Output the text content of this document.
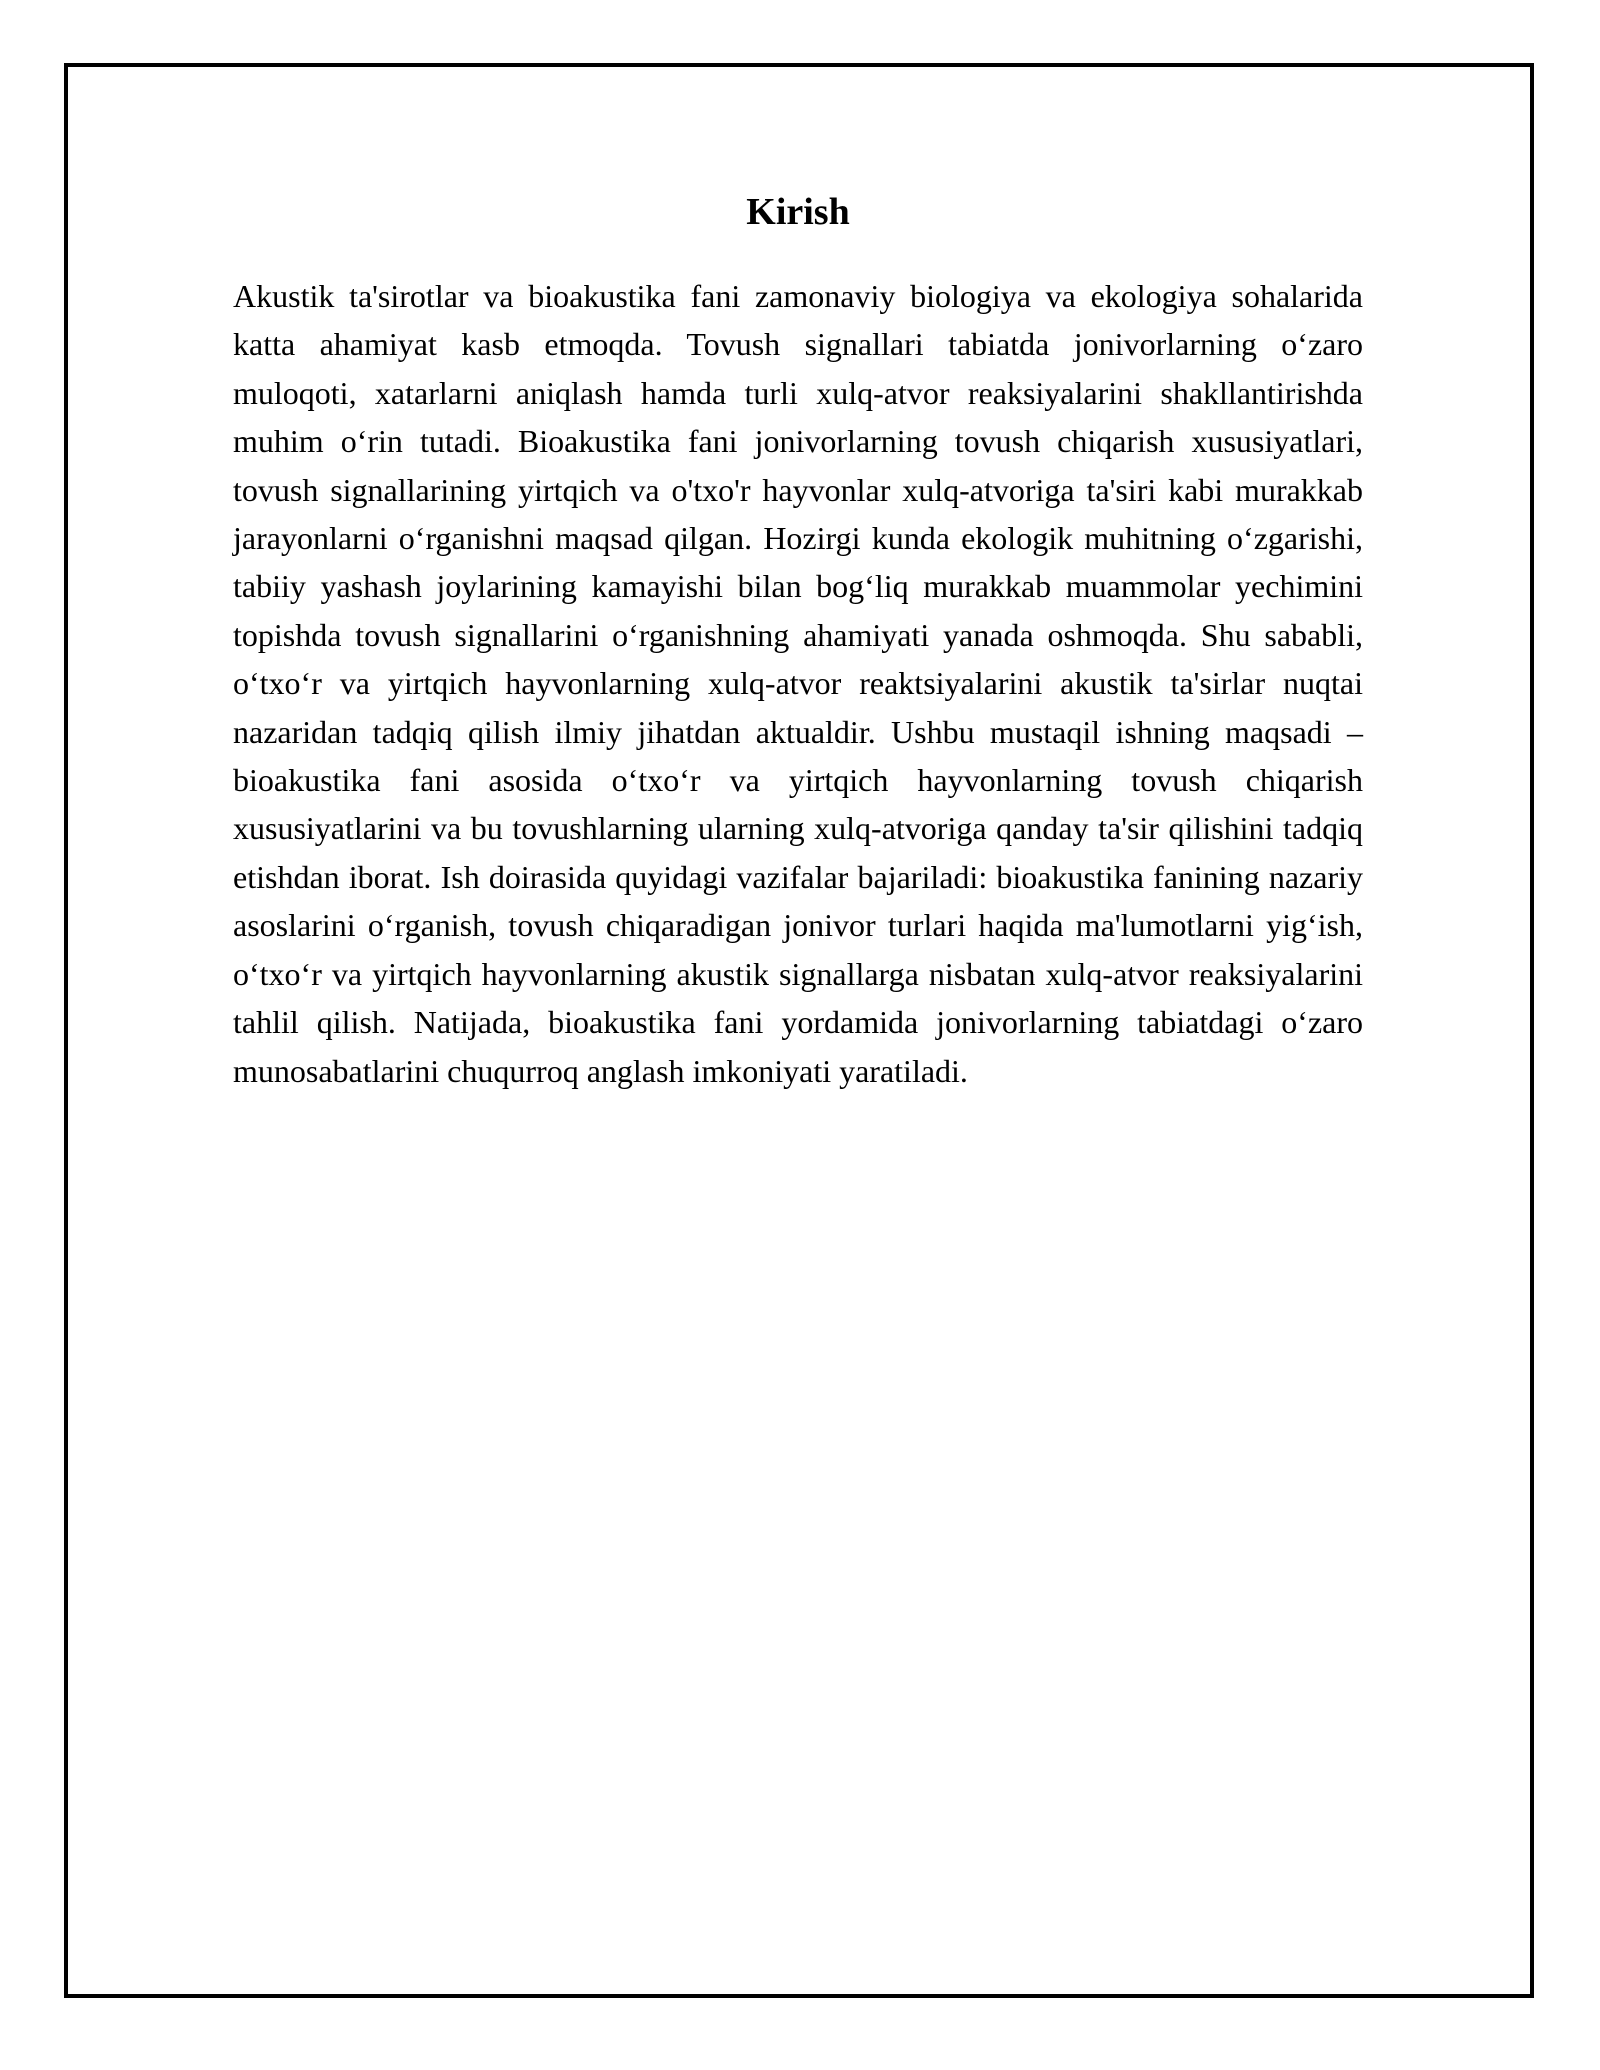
Kirish

Akustik ta'sirotlar va bioakustika fani zamonaviy biologiya va ekologiya sohalarida katta ahamiyat kasb etmoqda. Tovush signallari tabiatda jonivorlarning o‘zaro muloqoti, xatarlarni aniqlash hamda turli xulq-atvor reaksiyalarini shakllantirishda muhim o‘rin tutadi. Bioakustika fani jonivorlarning tovush chiqarish xususiyatlari, tovush signallarining yirtqich va o'txo'r hayvonlar xulq-atvoriga ta'siri kabi murakkab jarayonlarni o‘rganishni maqsad qilgan. Hozirgi kunda ekologik muhitning o‘zgarishi, tabiiy yashash joylarining kamayishi bilan bog‘liq murakkab muammolar yechimini topishda tovush signallarini o‘rganishning ahamiyati yanada oshmoqda. Shu sababli, o‘txo‘r va yirtqich hayvonlarning xulq-atvor reaktsiyalarini akustik ta'sirlar nuqtai nazaridan tadqiq qilish ilmiy jihatdan aktualdir. Ushbu mustaqil ishning maqsadi – bioakustika fani asosida o‘txo‘r va yirtqich hayvonlarning tovush chiqarish xususiyatlarini va bu tovushlarning ularning xulq-atvoriga qanday ta'sir qilishini tadqiq etishdan iborat. Ish doirasida quyidagi vazifalar bajariladi: bioakustika fanining nazariy asoslarini o‘rganish, tovush chiqaradigan jonivor turlari haqida ma'lumotlarni yig‘ish, o‘txo‘r va yirtqich hayvonlarning akustik signallarga nisbatan xulq-atvor reaksiyalarini tahlil qilish. Natijada, bioakustika fani yordamida jonivorlarning tabiatdagi o‘zaro munosabatlarini chuqurroq anglash imkoniyati yaratiladi.
